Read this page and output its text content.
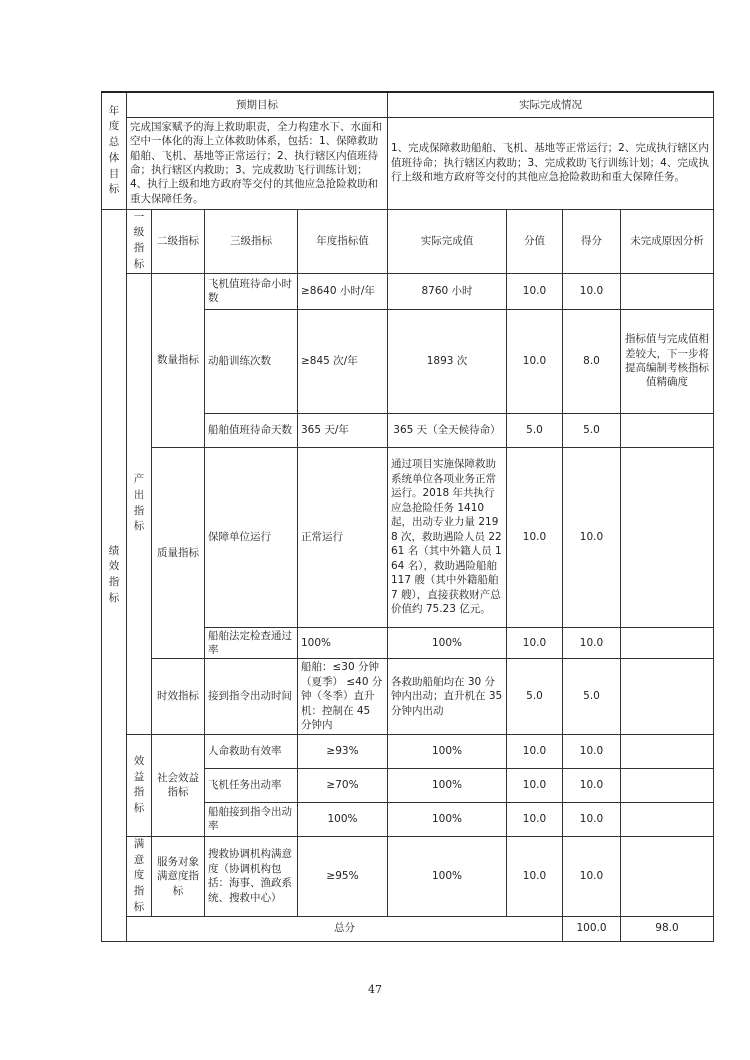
年度总体目标	预期目标				实际完成情况				
	完成国家赋予的海上救助职责，全力构建水下、水面和空中一体化的海上立体救助体系，包括：1、保障救助船舶、飞机、基地等正常运行；2、执行辖区内值班待命；执行辖区内救助；3、完成救助飞行训练计划；4、执行上级和地方政府等交付的其他应急抢险救助和重大保障任务。				1、完成保障救助船舶、飞机、基地等正常运行；2、完成执行辖区内值班待命；执行辖区内救助；3、完成救助飞行训练计划；4、完成执行上级和地方政府等交付的其他应急抢险救助和重大保障任务。				
绩效指标	一级指标	二级指标	三级指标	年度指标值	实际完成值	分值	得分	未完成原因分析	
	产出指标	数量指标	飞机值班待命小时数	≥8640 小时/年	8760 小时	10.0	10.0		
			动船训练次数	≥845 次/年	1893 次	10.0	8.0	指标值与完成值相差较大，下一步将提高编制考核指标值精确度	
			船舶值班待命天数	365 天/年	365 天（全天候待命）	5.0	5.0		
		质量指标	保障单位运行	正常运行	通过项目实施保障救助系统单位各项业务正常运行。2018 年共执行应急抢险任务 1410 起，出动专业力量 2198 次，救助遇险人员 2261 名（其中外籍人员 164 名），救助遇险船舶 117 艘（其中外籍船舶 7 艘），直接获救财产总价值约 75.23 亿元。	10.0	10.0		
			船舶法定检查通过率	100%	100%	10.0	10.0		
		时效指标	接到指令出动时间	船舶：≤30 分钟（夏季） ≤40 分钟（冬季）直升机：控制在 45 分钟内	各救助船舶均在 30 分钟内出动；直升机在 35 分钟内出动	5.0	5.0		
	效益指标	社会效益指标	人命救助有效率	≥93%	100%	10.0	10.0		
			飞机任务出动率	≥70%	100%	10.0	10.0		
			船舶接到指令出动率	100%	100%	10.0	10.0		
	满意度指标	服务对象满意度指标	搜救协调机构满意度（协调机构包括：海事、渔政系统、搜救中心）	≥95%	100%	10.0	10.0		
	总分						100.0	98.0	
47
